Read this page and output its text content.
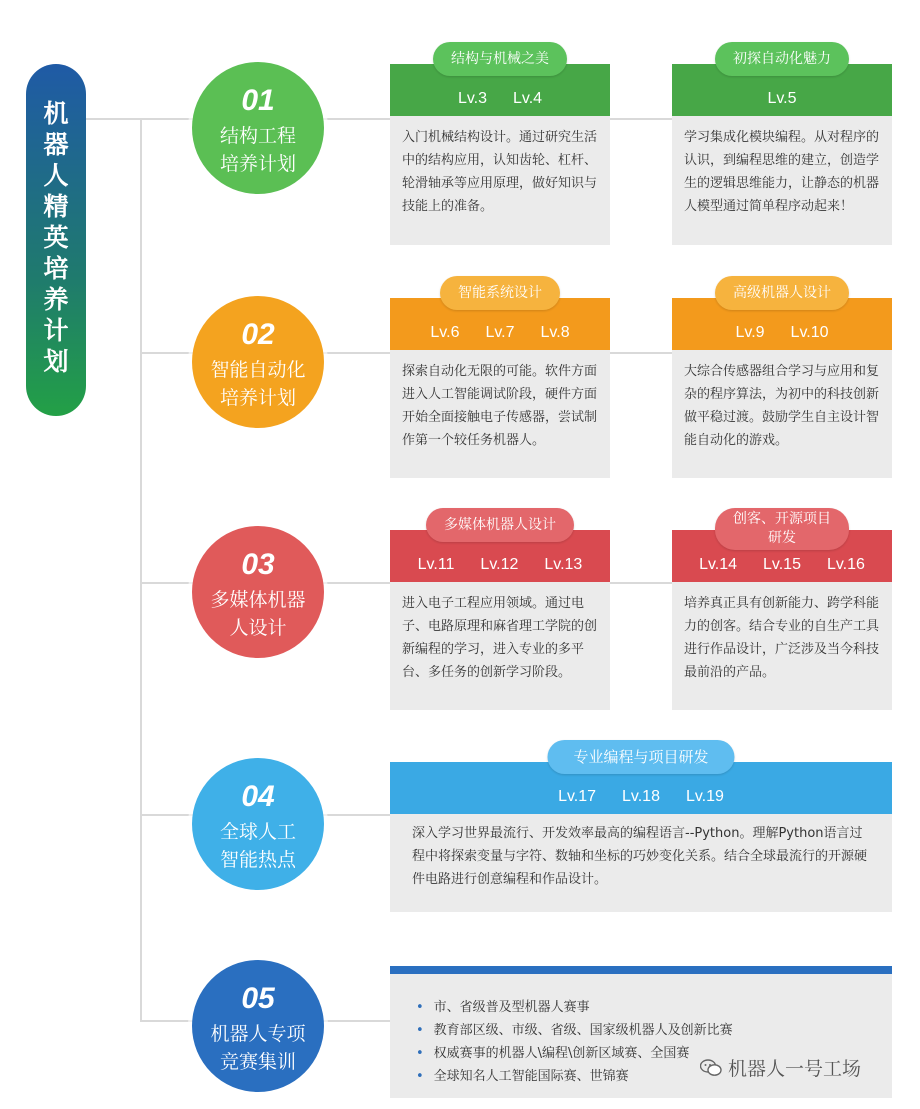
机
器
人
精
英
培
养
计
划
01
结构工程
培养计划
02
智能自动化
培养计划
03
多媒体机器
人设计
04
全球人工
智能热点
05
机器人专项
竞赛集训
结构与机械之美
Lv.3 Lv.4
入门机械结构设计。通过研究生活中的结构应用，认知齿轮、杠杆、轮滑轴承等应用原理，做好知识与技能上的准备。
初探自动化魅力
Lv.5
学习集成化模块编程。从对程序的认识，到编程思维的建立，创造学生的逻辑思维能力，让静态的机器人模型通过简单程序动起来！
智能系统设计
Lv.6 Lv.7 Lv.8
探索自动化无限的可能。软件方面进入人工智能调试阶段，硬件方面开始全面接触电子传感器，尝试制作第一个较任务机器人。
高级机器人设计
Lv.9 Lv.10
大综合传感器组合学习与应用和复杂的程序算法，为初中的科技创新做平稳过渡。鼓励学生自主设计智能自动化的游戏。
多媒体机器人设计
Lv.11 Lv.12 Lv.13
进入电子工程应用领域。通过电子、电路原理和麻省理工学院的创新编程的学习，进入专业的多平台、多任务的创新学习阶段。
创客、开源项目
研发
Lv.14 Lv.15 Lv.16
培养真正具有创新能力、跨学科能力的创客。结合专业的自生产工具进行作品设计，广泛涉及当今科技最前沿的产品。
专业编程与项目研发
Lv.17 Lv.18 Lv.19
深入学习世界最流行、开发效率最高的编程语言--Python。理解Python语言过程中将探索变量与字符、数轴和坐标的巧妙变化关系。结合全球最流行的开源硬件电路进行创意编程和作品设计。
• 市、省级普及型机器人赛事
• 教育部区级、市级、省级、国家级机器人及创新比赛
• 权威赛事的机器人\编程\创新区域赛、全国赛
• 全球知名人工智能国际赛、世锦赛	机器人一号工场
